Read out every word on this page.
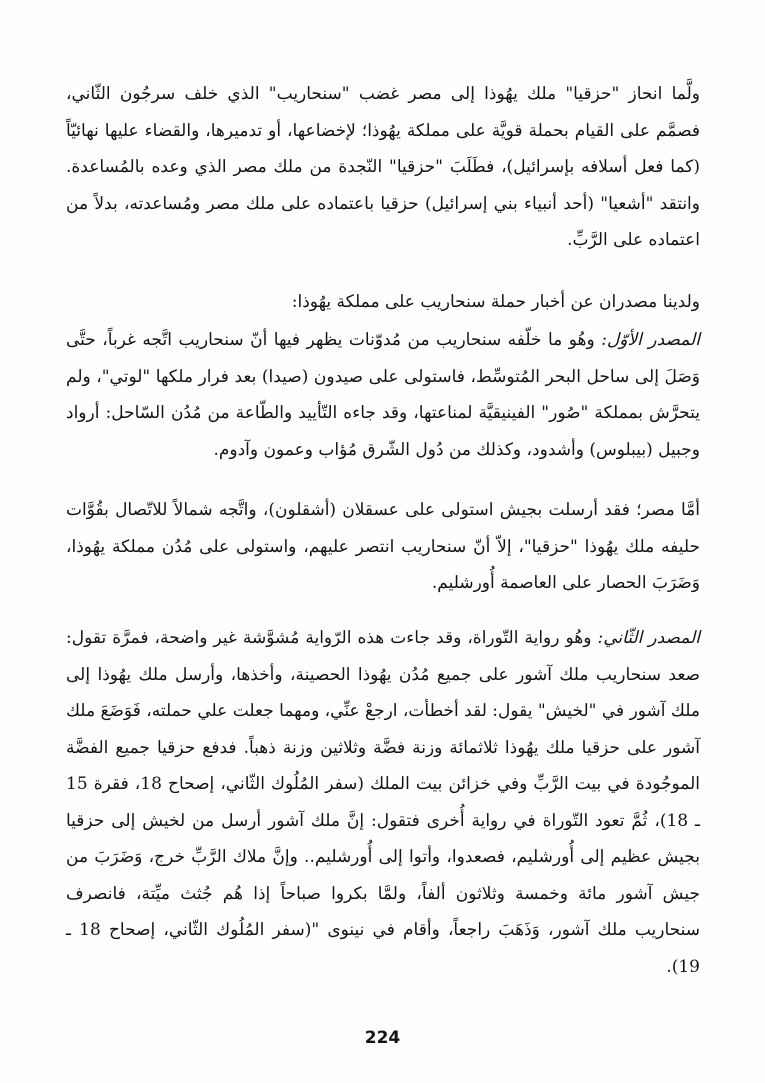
ولَّما انحاز "حزقيا" ملك يهُوذا إلى مصر غضب "سنحاريب" الذي خلف سرجُون الثّاني، فصمَّم على القيام بحملة قويَّة على مملكة يهُوذا؛ لإخضاعها، أو تدميرها، والقضاء عليها نهائيّاً (كما فعل أسلافه بإسرائيل)، فطَلَبَ "حزقيا" النّجدة من ملك مصر الذي وعده بالمُساعدة. وانتقد "أشعيا" (أحد أنبياء بني إسرائيل) حزقيا باعتماده على ملك مصر ومُساعدته، بدلاً من اعتماده على الرَّبِّ.

ولدينا مصدران عن أخبار حملة سنحاريب على مملكة يهُوذا:

المصدر الأوّل: وهُو ما خلّفه سنحاريب من مُدوّنات يظهر فيها أنّ سنحاريب اتَّجه غرباً، حتَّى وَصَلَ إلى ساحل البحر المُتوسِّط، فاستولى على صيدون (صيدا) بعد فرار ملكها "لوتي"، ولم يتحرَّش بمملكة "صُور" الفينيقيَّة لمناعتها، وقد جاءه التّأييد والطّاعة من مُدُن السّاحل: أرواد وجبيل (بيبلوس) وأشدود، وكذلك من دُول الشّرق مُؤاب وعمون وآدوم.

أمَّا مصر؛ فقد أرسلت بجيش استولى على عسقلان (أشقلون)، واتَّجه شمالاً للاتّصال بقُوَّات حليفه ملك يهُوذا "حزقيا"، إلاّ أنّ سنحاريب انتصر عليهم، واستولى على مُدُن مملكة يهُوذا، وَضَرَبَ الحصار على العاصمة أُورشليم.

المصدر الثّاني: وهُو رواية التّوراة، وقد جاءت هذه الرّواية مُشوَّشة غير واضحة، فمرَّة تقول: صعد سنحاريب ملك آشور على جميع مُدُن يهُوذا الحصينة، وأخذها، وأرسل ملك يهُوذا إلى ملك آشور في "لخيش" يقول: لقد أخطأت، ارجعْ عنِّي، ومهما جعلت علي حملته، فَوَضَعَ ملك آشور على حزقيا ملك يهُوذا ثلاثمائة وزنة فضَّة وثلاثين وزنة ذهباً. فدفع حزقيا جميع الفضَّة الموجُودة في بيت الرَّبِّ وفي خزائن بيت الملك (سفر المُلُوك الثّاني، إصحاح 18، فقرة 15 ـ 18)، ثُمَّ تعود التّوراة في رواية أُخرى فتقول: إنَّ ملك آشور أرسل من لخيش إلى حزقيا بجيش عظيم إلى أُورشليم، فصعدوا، وأتوا إلى أُورشليم.. وإنَّ ملاك الرَّبِّ خرج، وَضَرَبَ من جيش آشور مائة وخمسة وثلاثون ألفاً، ولمَّا بكروا صباحاً إذا هُم جُثث ميِّتة، فانصرف سنحاريب ملك آشور، وَذَهَبَ راجعاً، وأقام في نينوى "(سفر المُلُوك الثّاني، إصحاح 18 ـ 19).

224
